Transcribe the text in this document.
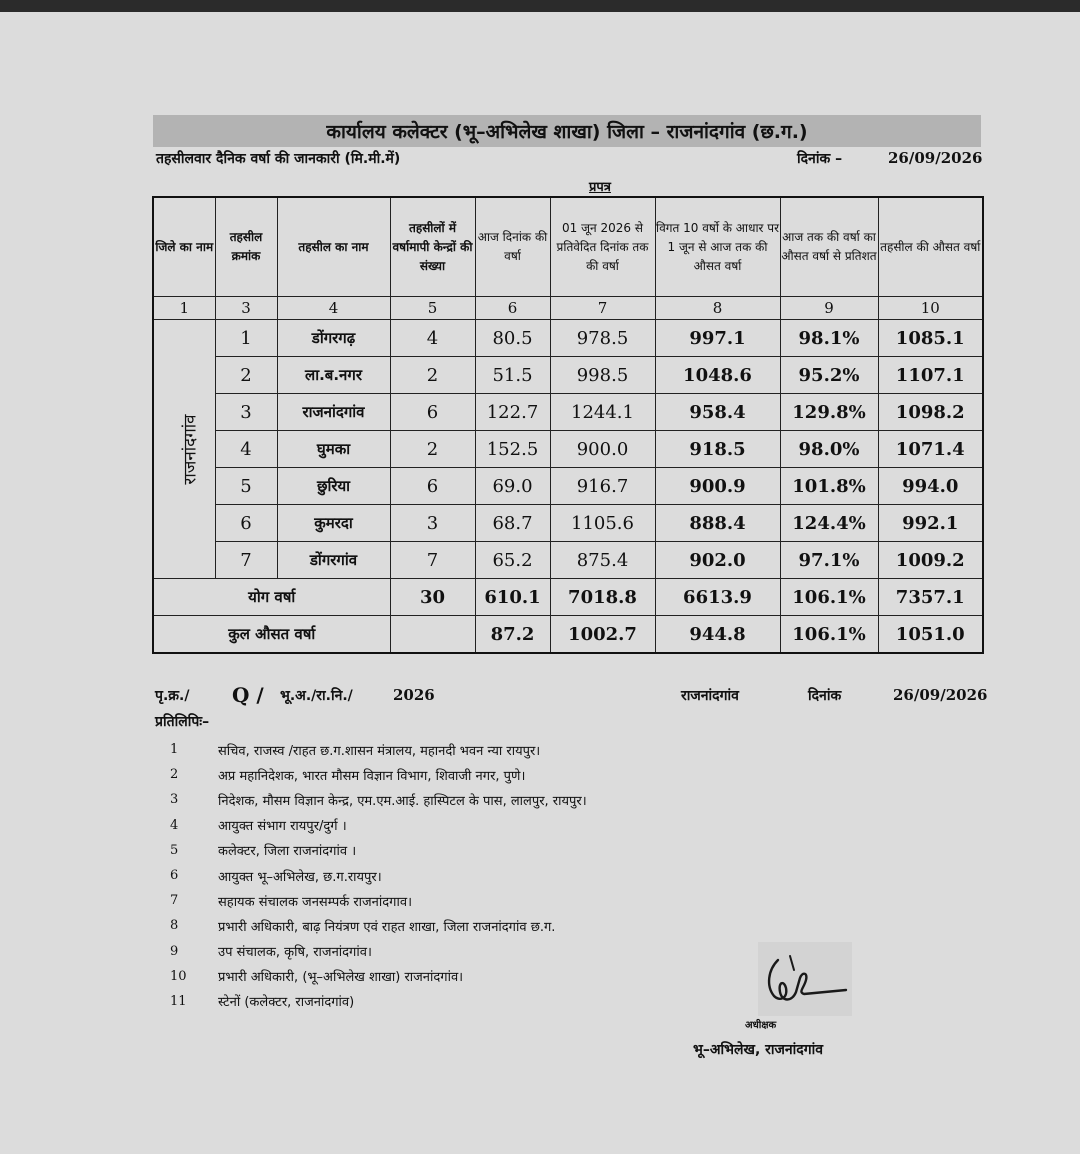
कार्यालय कलेक्टर (भू–अभिलेख शाखा) जिला – राजनांदगांव (छ.ग.)
तहसीलवार दैनिक वर्षा की जानकारी (मि.मी.में)	दिनांक –	26/09/2026
प्रपत्र
जिले का नाम	तहसील क्रमांक	तहसील का नाम	तहसीलों में वर्षामापी केन्द्रों की संख्या	आज दिनांक की वर्षा	01 जून 2026 से प्रतिवेदित दिनांक तक की वर्षा	विगत 10 वर्षो के आधार पर 1 जून से आज तक की औसत वर्षा	आज तक की वर्षा का औसत वर्षा से प्रतिशत	तहसील की औसत वर्षा
1	3	4	5	6	7	8	9	10
राजनांदगांव	1	डोंगरगढ़	4	80.5	978.5	997.1	98.1%	1085.1
	2	ला.ब.नगर	2	51.5	998.5	1048.6	95.2%	1107.1
	3	राजनांदगांव	6	122.7	1244.1	958.4	129.8%	1098.2
	4	घुमका	2	152.5	900.0	918.5	98.0%	1071.4
	5	छुरिया	6	69.0	916.7	900.9	101.8%	994.0
	6	कुमरदा	3	68.7	1105.6	888.4	124.4%	992.1
	7	डोंगरगांव	7	65.2	875.4	902.0	97.1%	1009.2
योग वर्षा			30	610.1	7018.8	6613.9	106.1%	7357.1
कुल औसत वर्षा				87.2	1002.7	944.8	106.1%	1051.0
पृ.क्र./ Q / भू.अ./रा.नि./	2026	राजनांदगांव	दिनांक	26/09/2026
प्रतिलिपिः–
1	सचिव, राजस्व /राहत छ.ग.शासन मंत्रालय, महानदी भवन न्या रायपुर।
2	अप्र महानिदेशक, भारत मौसम विज्ञान विभाग, शिवाजी नगर, पुणे।
3	निदेशक, मौसम विज्ञान केन्द्र, एम.एम.आई. हास्पिटल के पास, लालपुर, रायपुर।
4	आयुक्त संभाग रायपुर/दुर्ग ।
5	कलेक्टर, जिला राजनांदगांव ।
6	आयुक्त भू–अभिलेख, छ.ग.रायपुर।
7	सहायक संचालक जनसम्पर्क राजनांदगाव।
8	प्रभारी अधिकारी, बाढ़ नियंत्रण एवं राहत शाखा, जिला राजनांदगांव छ.ग.
9	उप संचालक, कृषि, राजनांदगांव।
10	प्रभारी अधिकारी, (भू–अभिलेख शाखा) राजनांदगांव।
11	स्टेनों (कलेक्टर, राजनांदगांव)
अधीक्षक
भू–अभिलेख, राजनांदगांव
